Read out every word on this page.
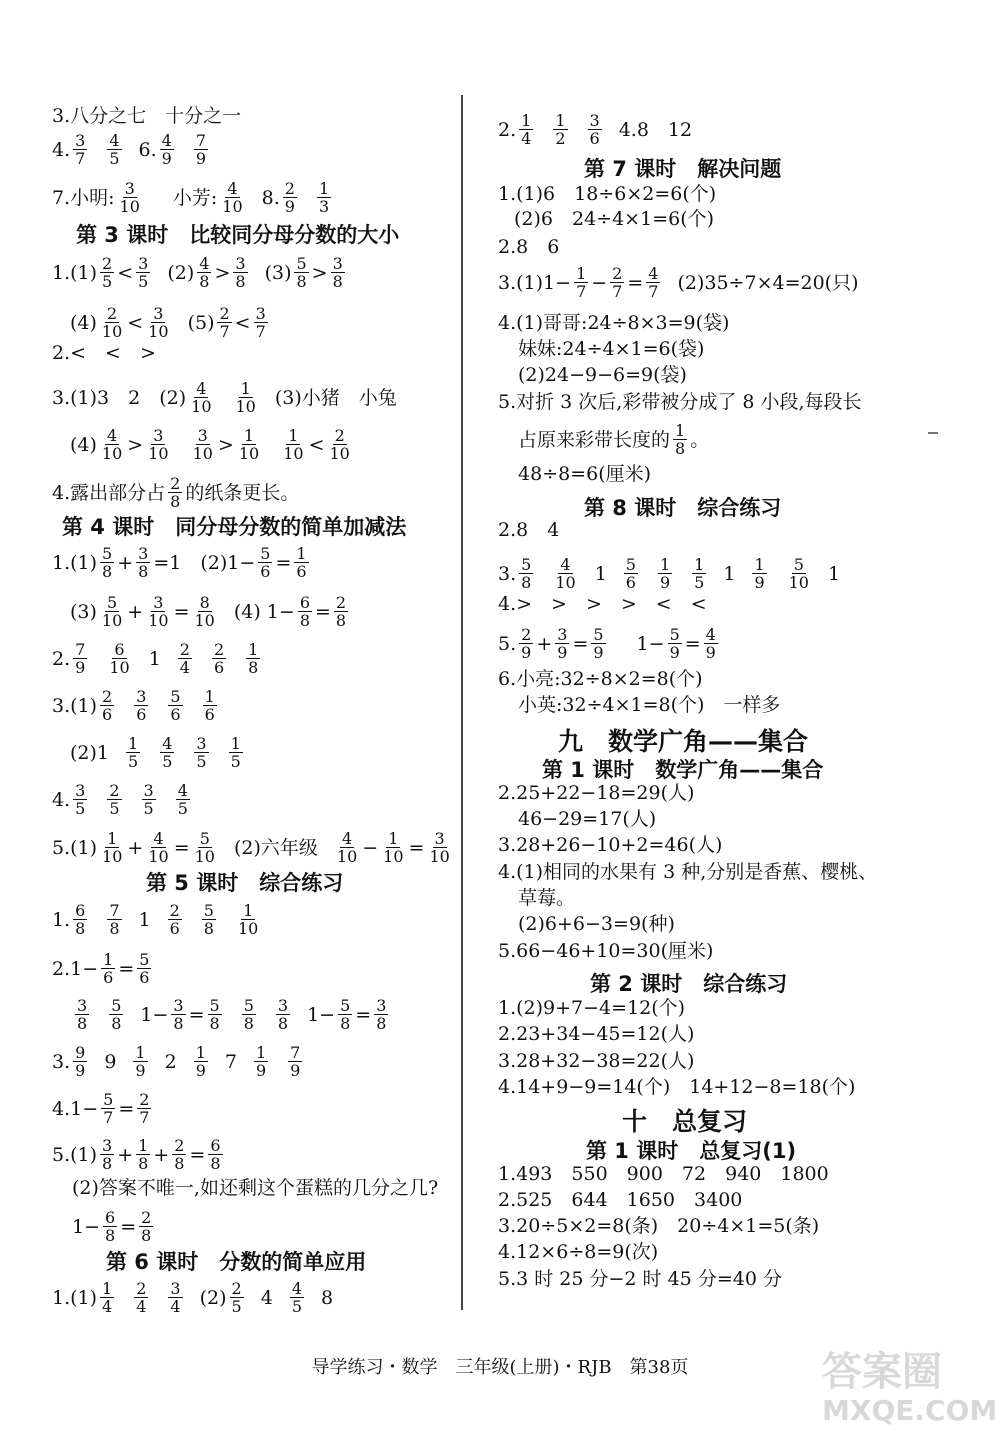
3.八分之七　十分之一
4. $\frac{3}{7} \frac{4}{5} 6$. $\frac{4}{9} \frac{7}{9}$
7.小明: $\frac{3}{10}$ 小芳: $\frac{4}{10} 8$. $\frac{2}{9} \frac{1}{3}$
第 3 课时　比较同分母分数的大小
$1.(1) \frac{2}{5} < \frac{3}{5} (2) \frac{4}{8} > \frac{3}{8} (3) \frac{5}{8} > \frac{3}{8}$
$(4) \frac{2}{10} < \frac{3}{10} (5) \frac{2}{7} < \frac{3}{7}$
2.<　<　>
3.(1)3　2　$(2) \frac{4}{10} \frac{1}{10} (3)$小猪　小兔
$(4) \frac{4}{10} > \frac{3}{10} \frac{3}{10} > \frac{1}{10} \frac{1}{10} < \frac{2}{10}$
4.露出部分占 $\frac{2}{8}$ 的纸条更长。
第 4 课时　同分母分数的简单加减法
$1.(1) \frac{5}{8} + \frac{3}{8} =1$　$(2)1- \frac{5}{6} = \frac{1}{6}$
$(3) \frac{5}{10} + \frac{3}{10} = \frac{8}{10} (4)$ $1- \frac{6}{8} = \frac{2}{8}$
2. $\frac{7}{9} \frac{6}{10} 1 \frac{2}{4} \frac{2}{6} \frac{1}{8}$
$3.(1) \frac{2}{6} \frac{3}{6} \frac{5}{6} \frac{1}{6}$
$(2)1 \frac{1}{5} \frac{4}{5} \frac{3}{5} \frac{1}{5}$
4. $\frac{3}{5} \frac{2}{5} \frac{3}{5} \frac{4}{5}$
$5.(1) \frac{1}{10} + \frac{4}{10} = \frac{5}{10} (2)$六年级 $\frac{4}{10} - \frac{1}{10} = \frac{3}{10}$
第 5 课时　综合练习
1. $\frac{6}{8} \frac{7}{8} 1 \frac{2}{6} \frac{5}{8} \frac{1}{10}$
$2.1- \frac{1}{6} = \frac{5}{6}$
$\frac{3}{8} \frac{5}{8} 1- \frac{3}{8} = \frac{5}{8} \frac{5}{8} \frac{3}{8} 1- \frac{5}{8} = \frac{3}{8}$
3. $\frac{9}{9} 9 \frac{1}{9} 2 \frac{1}{9} 7 \frac{1}{9} \frac{7}{9}$
$4.1- \frac{5}{7} = \frac{2}{7}$
$5.(1) \frac{3}{8} + \frac{1}{8} + \frac{2}{8} = \frac{6}{8}$
(2)答案不唯一,如还剩这个蛋糕的几分之几?
$1- \frac{6}{8} = \frac{2}{8}$
第 6 课时　分数的简单应用
$1.(1) \frac{1}{4} \frac{2}{4} \frac{3}{4} (2) \frac{2}{5} 4 \frac{4}{5} 8$
2. $\frac{1}{4} \frac{1}{2} \frac{3}{6} 4.8$　12
第 7 课时　解决问题
1.(1)6　18÷6×2=6(个)
(2)6　24÷4×1=6(个)
2.8　6
$3.(1)1- \frac{1}{7} - \frac{2}{7} = \frac{4}{7} (2)35\div 7\times 4=20$(只)
4.(1)哥哥:24÷8×3=9(袋)
妹妹:24÷4×1=6(袋)
(2)24−9−6=9(袋)
5.对折 3 次后,彩带被分成了 8 小段,每段长
占原来彩带长度的 $\frac{1}{8}$ 。
48÷8=6(厘米)
第 8 课时　综合练习
2.8　4
3. $\frac{5}{8} \frac{4}{10} 1 \frac{5}{6} \frac{1}{9} \frac{1}{5} 1 \frac{1}{9} \frac{5}{10} 1$
4.>　>　>　>　<　<
5. $\frac{2}{9} + \frac{3}{9} = \frac{5}{9} 1- \frac{5}{9} = \frac{4}{9}$
6.小亮:32÷8×2=8(个)
小英:32÷4×1=8(个)　一样多
九　数学广角——集合
第 1 课时　数学广角——集合
2.25+22−18=29(人)
46−29=17(人)
3.28+26−10+2=46(人)
4.(1)相同的水果有 3 种,分别是香蕉、樱桃、
草莓。
(2)6+6−3=9(种)
5.66−46+10=30(厘米)
第 2 课时　综合练习
1.(2)9+7−4=12(个)
2.23+34−45=12(人)
3.28+32−38=22(人)
4.14+9−9=14(个)　14+12−8=18(个)
十　总复习
第 1 课时　总复习(1)
1.493　550　900　72　940　1800
2.525　644　1650　3400
3.20÷5×2=8(条)　20÷4×1=5(条)
4.12×6÷8=9(次)
5.3 时 25 分−2 时 45 分=40 分
导学练习・数学　三年级(上册)・RJB　第38页	答案圈
MXQE.COM
